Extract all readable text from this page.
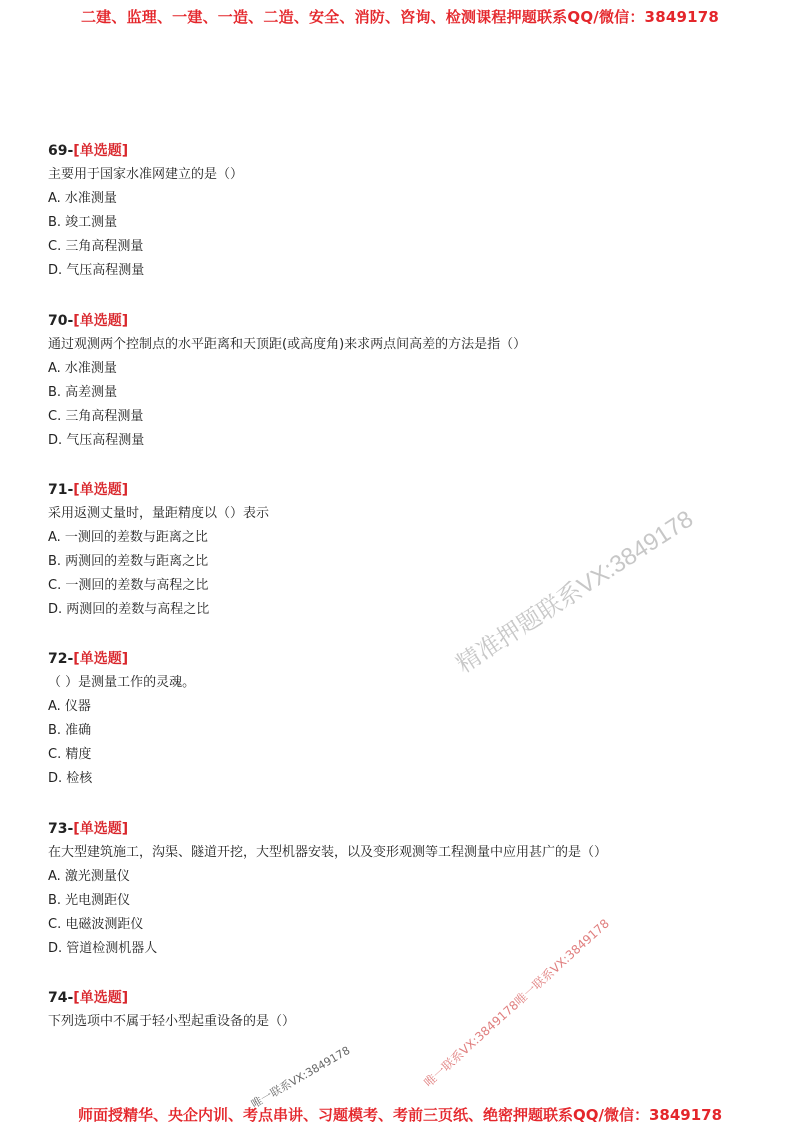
二建、监理、一建、一造、二造、安全、消防、咨询、检测课程押题联系QQ/微信：3849178
69-[单选题]
主要用于国家水准网建立的是（）
A. 水准测量
B. 竣工测量
C. 三角高程测量
D. 气压高程测量
70-[单选题]
通过观测两个控制点的水平距离和天顶距(或高度角)来求两点间高差的方法是指（）
A. 水准测量
B. 高差测量
C. 三角高程测量
D. 气压高程测量
71-[单选题]
采用返测丈量时，量距精度以（）表示
A. 一测回的差数与距离之比
B. 两测回的差数与距离之比
C. 一测回的差数与高程之比
D. 两测回的差数与高程之比
72-[单选题]
（ ）是测量工作的灵魂。
A. 仪器
B. 准确
C. 精度
D. 检核
73-[单选题]
在大型建筑施工，沟渠、隧道开挖，大型机器安装，以及变形观测等工程测量中应用甚广的是（）
A. 激光测量仪
B. 光电测距仪
C. 电磁波测距仪
D. 管道检测机器人
74-[单选题]
下列选项中不属于轻小型起重设备的是（）
精准押题联系VX:3849178
唯一联系VX:3849178唯一联系VX:3849178
唯一联系VX:3849178
师面授精华、央企内训、考点串讲、习题模考、考前三页纸、绝密押题联系QQ/微信：3849178
